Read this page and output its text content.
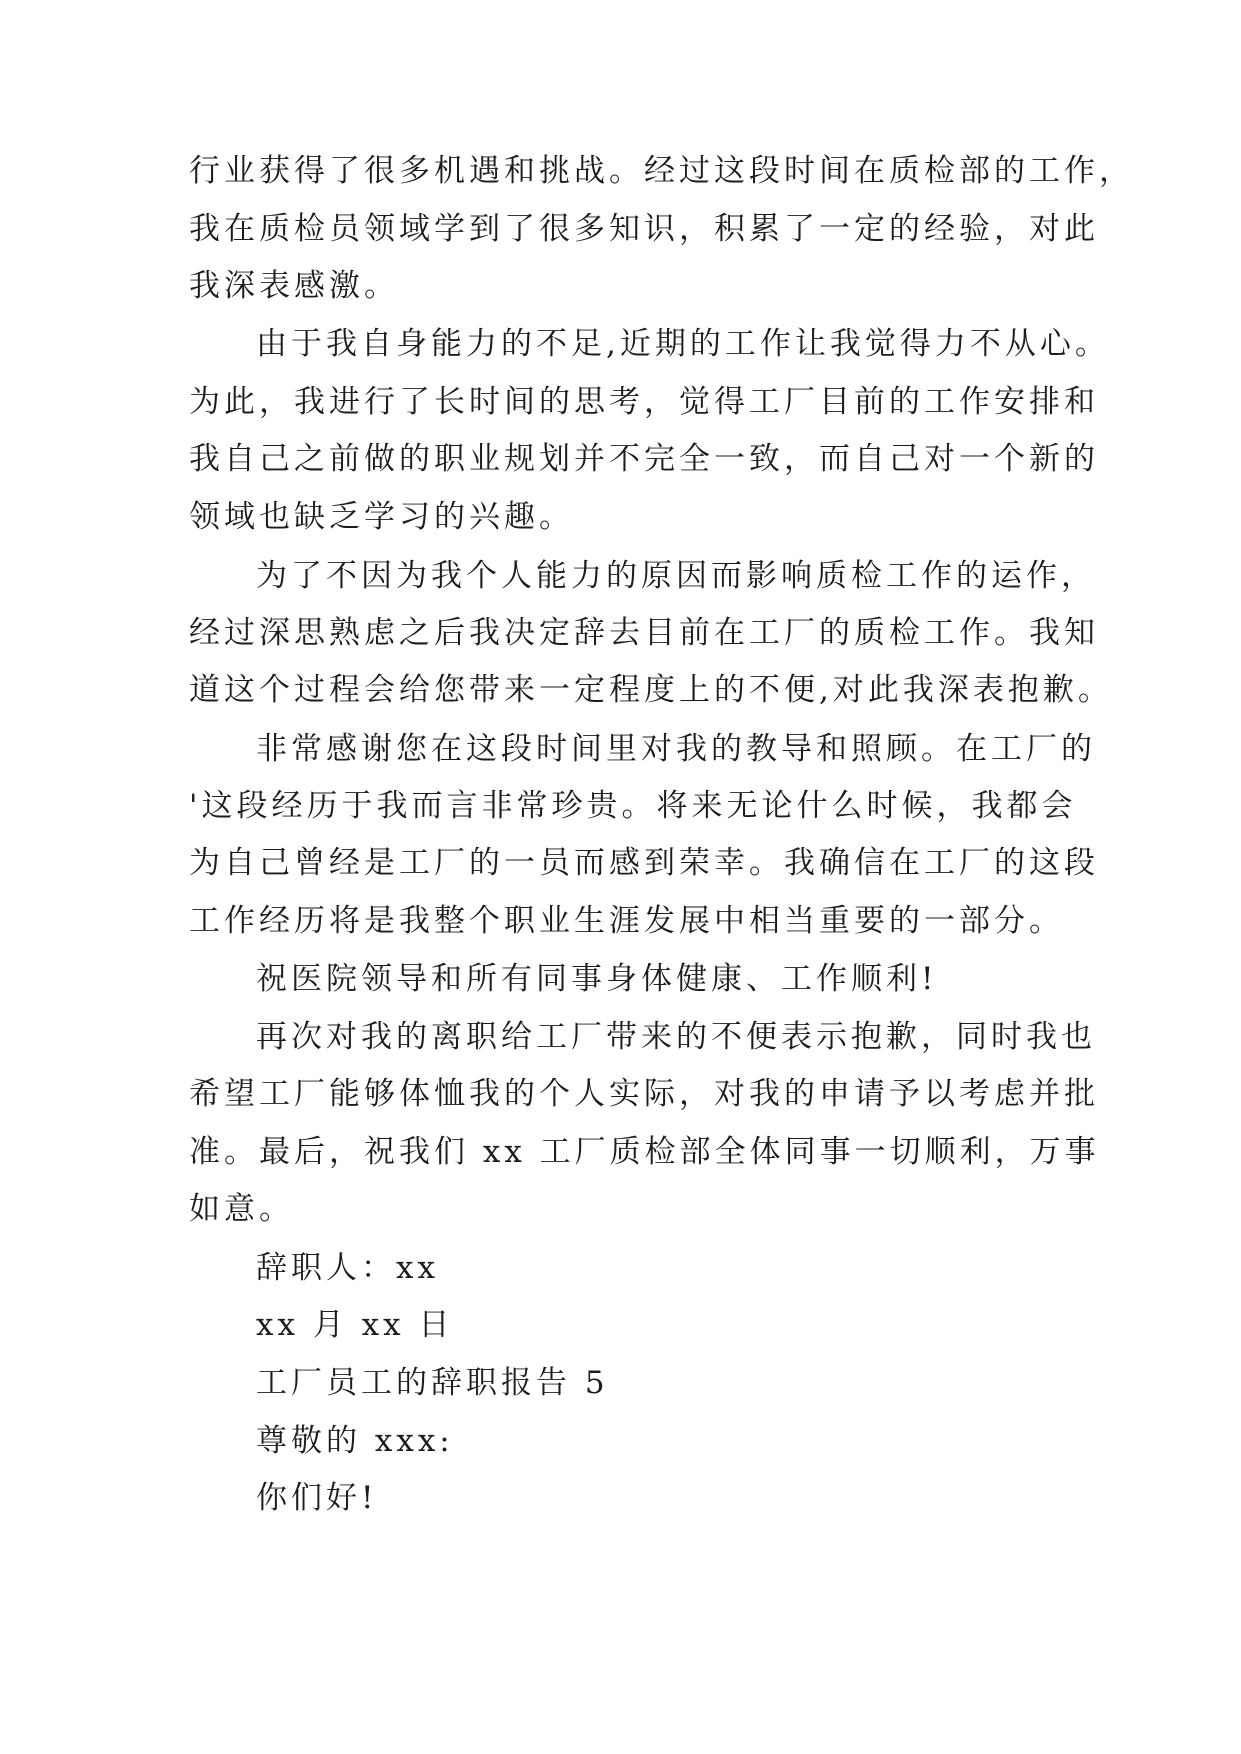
行业获得了很多机遇和挑战。经过这段时间在质检部的工作，
我在质检员领域学到了很多知识，积累了一定的经验，对此
我深表感激。
由于我自身能力的不足,近期的工作让我觉得力不从心。
为此，我进行了长时间的思考，觉得工厂目前的工作安排和
我自己之前做的职业规划并不完全一致，而自己对一个新的
领域也缺乏学习的兴趣。
为了不因为我个人能力的原因而影响质检工作的运作，
经过深思熟虑之后我决定辞去目前在工厂的质检工作。我知
道这个过程会给您带来一定程度上的不便,对此我深表抱歉。
非常感谢您在这段时间里对我的教导和照顾。在工厂的
'这段经历于我而言非常珍贵。将来无论什么时候，我都会
为自己曾经是工厂的一员而感到荣幸。我确信在工厂的这段
工作经历将是我整个职业生涯发展中相当重要的一部分。
祝医院领导和所有同事身体健康、工作顺利!
再次对我的离职给工厂带来的不便表示抱歉，同时我也
希望工厂能够体恤我的个人实际，对我的申请予以考虑并批
准。最后，祝我们 xx 工厂质检部全体同事一切顺利，万事
如意。
辞职人：xx
xx 月 xx 日
工厂员工的辞职报告 5
尊敬的 xxx:
你们好!
